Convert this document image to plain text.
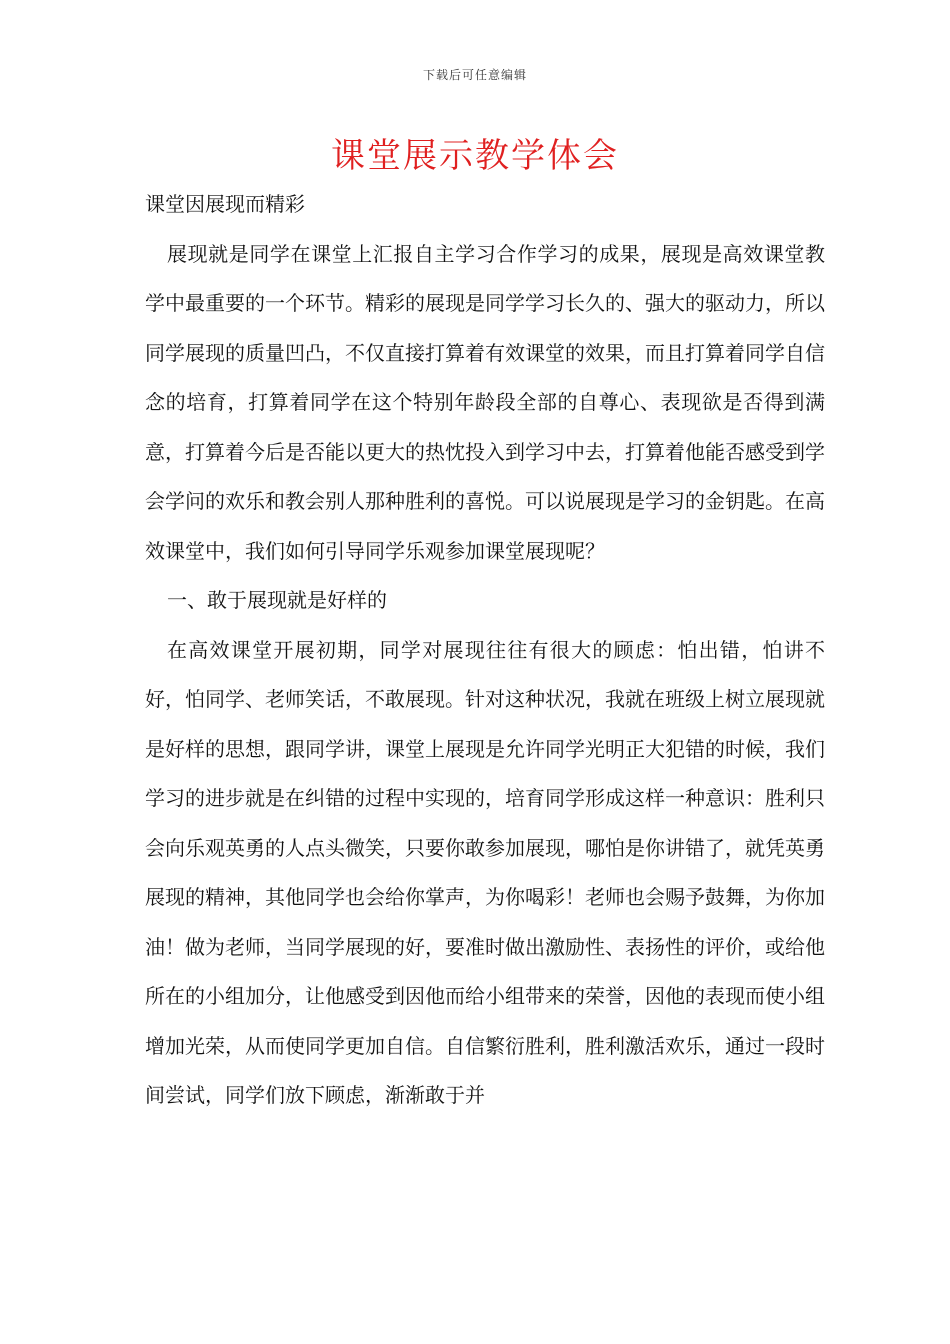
下载后可任意编辑
课堂展示教学体会

课堂因展现而精彩

展现就是同学在课堂上汇报自主学习合作学习的成果，展现是高效课堂教学中最重要的一个环节。精彩的展现是同学学习长久的、强大的驱动力，所以同学展现的质量凹凸，不仅直接打算着有效课堂的效果，而且打算着同学自信念的培育，打算着同学在这个特别年龄段全部的自尊心、表现欲是否得到满意，打算着今后是否能以更大的热忱投入到学习中去，打算着他能否感受到学会学问的欢乐和教会别人那种胜利的喜悦。可以说展现是学习的金钥匙。在高效课堂中，我们如何引导同学乐观参加课堂展现呢？

一、敢于展现就是好样的

在高效课堂开展初期，同学对展现往往有很大的顾虑：怕出错，怕讲不好，怕同学、老师笑话，不敢展现。针对这种状况，我就在班级上树立展现就是好样的思想，跟同学讲，课堂上展现是允许同学光明正大犯错的时候，我们学习的进步就是在纠错的过程中实现的，培育同学形成这样一种意识：胜利只会向乐观英勇的人点头微笑，只要你敢参加展现，哪怕是你讲错了，就凭英勇展现的精神，其他同学也会给你掌声，为你喝彩！老师也会赐予鼓舞，为你加油！做为老师，当同学展现的好，要准时做出激励性、表扬性的评价，或给他所在的小组加分，让他感受到因他而给小组带来的荣誉，因他的表现而使小组增加光荣，从而使同学更加自信。自信繁衍胜利，胜利激活欢乐，通过一段时间尝试，同学们放下顾虑，渐渐敢于并
